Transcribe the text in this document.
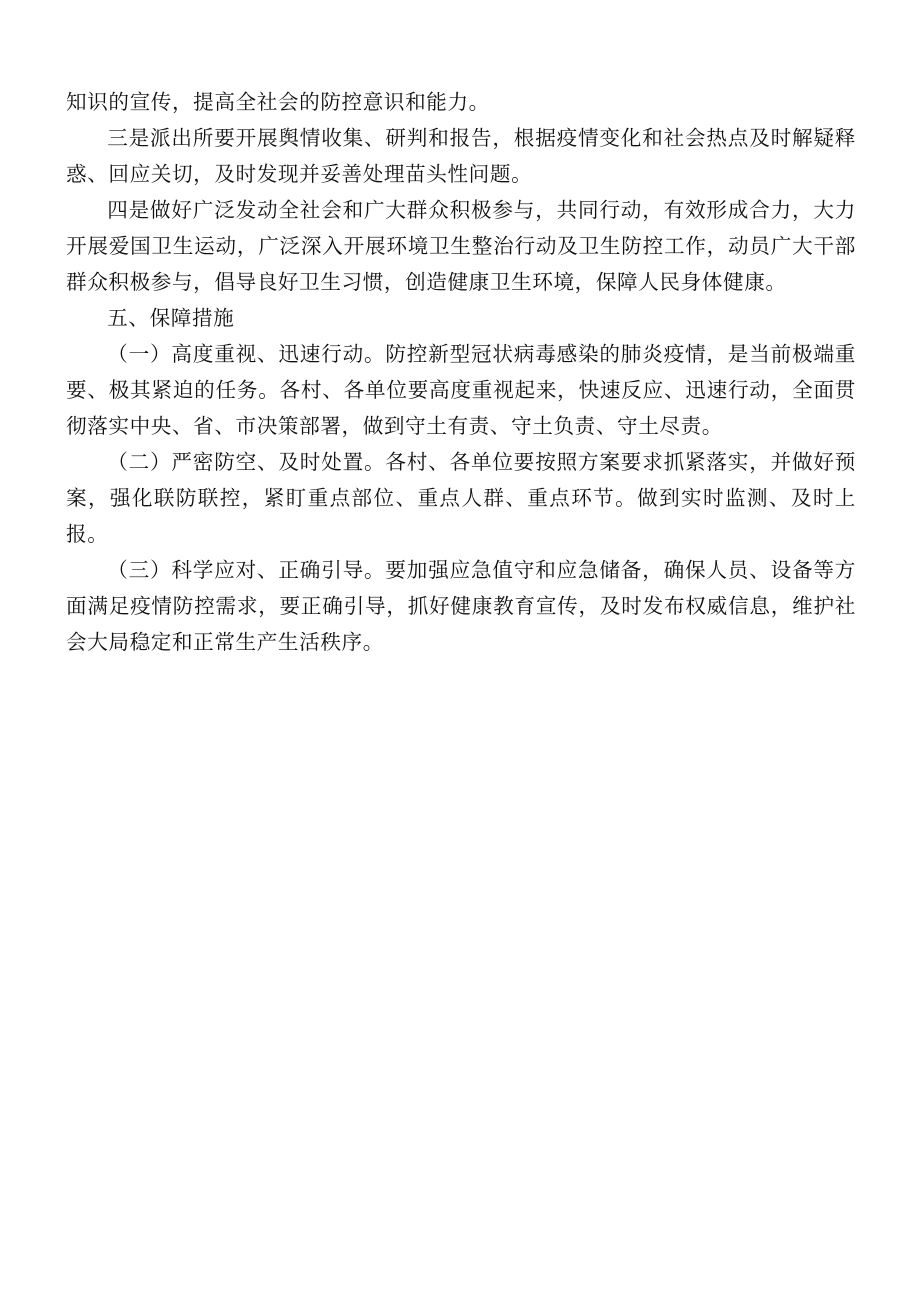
知识的宣传，提高全社会的防控意识和能力。

三是派出所要开展舆情收集、研判和报告，根据疫情变化和社会热点及时解疑释惑、回应关切，及时发现并妥善处理苗头性问题。

四是做好广泛发动全社会和广大群众积极参与，共同行动，有效形成合力，大力开展爱国卫生运动，广泛深入开展环境卫生整治行动及卫生防控工作，动员广大干部群众积极参与，倡导良好卫生习惯，创造健康卫生环境，保障人民身体健康。

五、保障措施

（一）高度重视、迅速行动。防控新型冠状病毒感染的肺炎疫情，是当前极端重要、极其紧迫的任务。各村、各单位要高度重视起来，快速反应、迅速行动，全面贯彻落实中央、省、市决策部署，做到守土有责、守土负责、守土尽责。

（二）严密防空、及时处置。各村、各单位要按照方案要求抓紧落实，并做好预案，强化联防联控，紧盯重点部位、重点人群、重点环节。做到实时监测、及时上报。

（三）科学应对、正确引导。要加强应急值守和应急储备，确保人员、设备等方面满足疫情防控需求，要正确引导，抓好健康教育宣传，及时发布权威信息，维护社会大局稳定和正常生产生活秩序。
